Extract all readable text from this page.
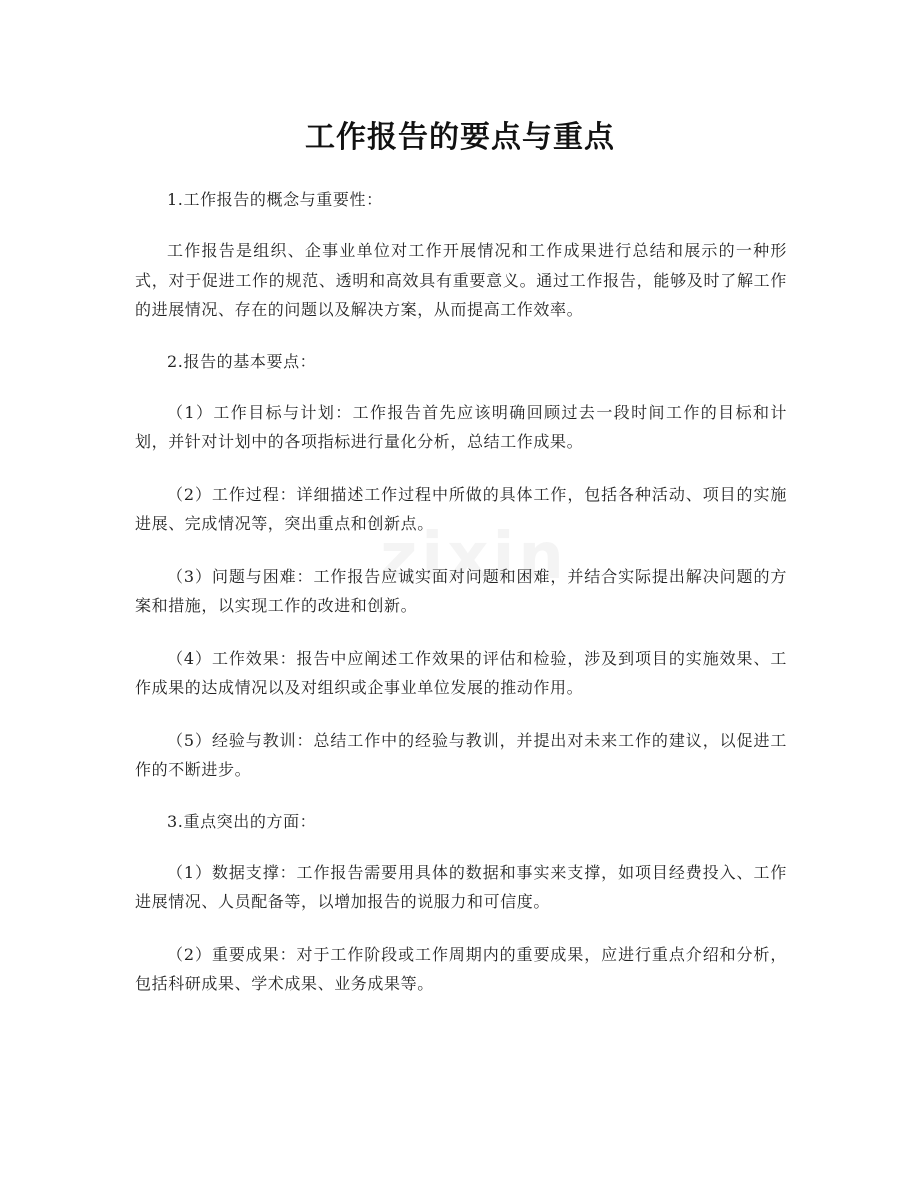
工作报告的要点与重点

1.工作报告的概念与重要性：

工作报告是组织、企事业单位对工作开展情况和工作成果进行总结和展示的一种形式，对于促进工作的规范、透明和高效具有重要意义。通过工作报告，能够及时了解工作的进展情况、存在的问题以及解决方案，从而提高工作效率。

2.报告的基本要点：

（1）工作目标与计划：工作报告首先应该明确回顾过去一段时间工作的目标和计划，并针对计划中的各项指标进行量化分析，总结工作成果。

（2）工作过程：详细描述工作过程中所做的具体工作，包括各种活动、项目的实施进展、完成情况等，突出重点和创新点。

（3）问题与困难：工作报告应诚实面对问题和困难，并结合实际提出解决问题的方案和措施，以实现工作的改进和创新。

（4）工作效果：报告中应阐述工作效果的评估和检验，涉及到项目的实施效果、工作成果的达成情况以及对组织或企事业单位发展的推动作用。

（5）经验与教训：总结工作中的经验与教训，并提出对未来工作的建议，以促进工作的不断进步。

3.重点突出的方面：

（1）数据支撑：工作报告需要用具体的数据和事实来支撑，如项目经费投入、工作进展情况、人员配备等，以增加报告的说服力和可信度。

（2）重要成果：对于工作阶段或工作周期内的重要成果，应进行重点介绍和分析，包括科研成果、学术成果、业务成果等。
